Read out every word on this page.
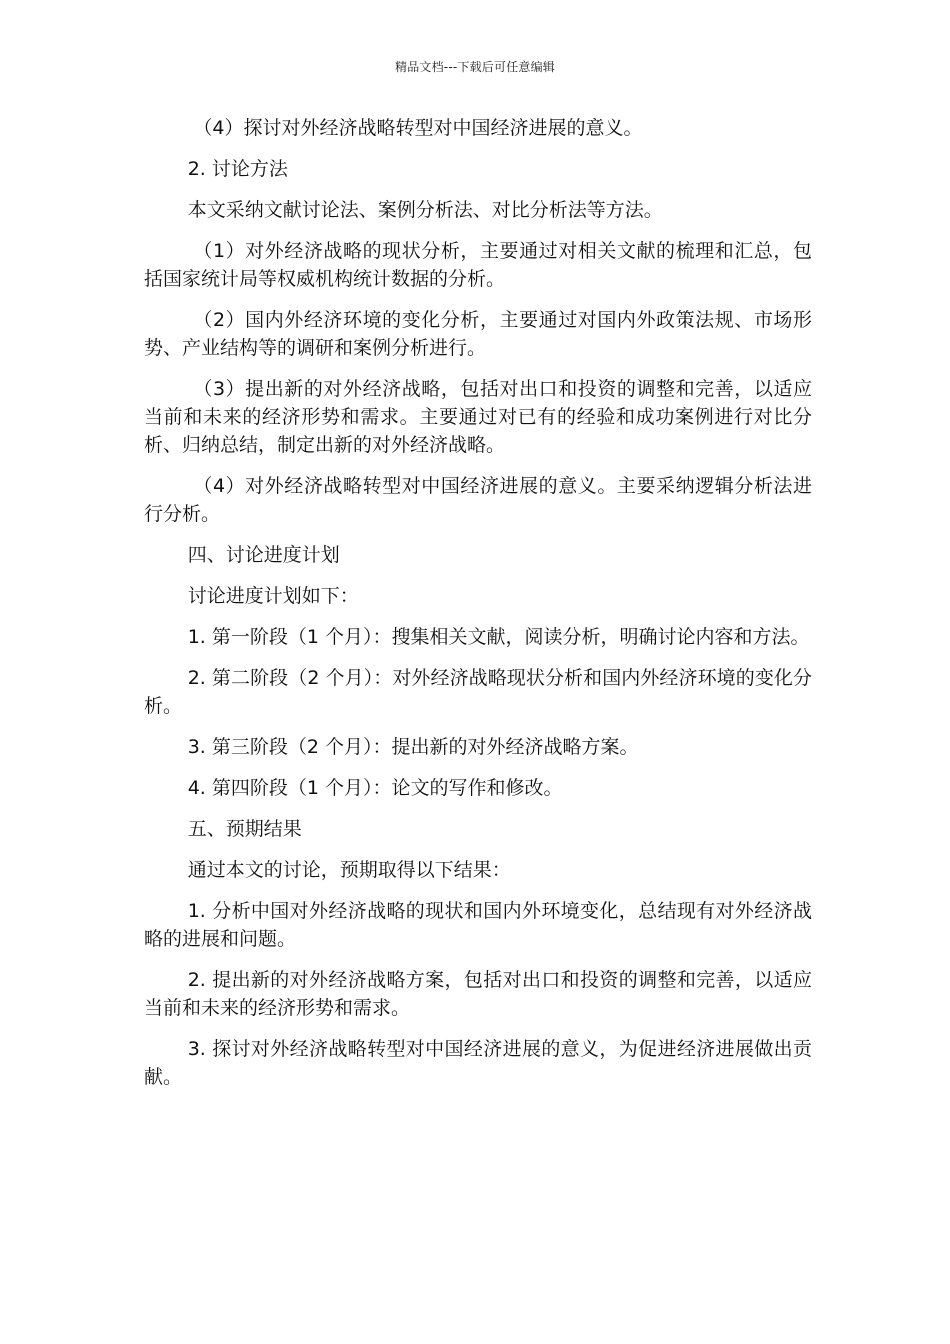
精品文档---下载后可任意编辑

（4）探讨对外经济战略转型对中国经济进展的意义。

2. 讨论方法

本文采纳文献讨论法、案例分析法、对比分析法等方法。

（1）对外经济战略的现状分析，主要通过对相关文献的梳理和汇总，包括国家统计局等权威机构统计数据的分析。

（2）国内外经济环境的变化分析，主要通过对国内外政策法规、市场形势、产业结构等的调研和案例分析进行。

（3）提出新的对外经济战略，包括对出口和投资的调整和完善，以适应当前和未来的经济形势和需求。主要通过对已有的经验和成功案例进行对比分析、归纳总结，制定出新的对外经济战略。

（4）对外经济战略转型对中国经济进展的意义。主要采纳逻辑分析法进行分析。

四、讨论进度计划

讨论进度计划如下：

1. 第一阶段（1 个月）：搜集相关文献，阅读分析，明确讨论内容和方法。

2. 第二阶段（2 个月）：对外经济战略现状分析和国内外经济环境的变化分析。

3. 第三阶段（2 个月）：提出新的对外经济战略方案。

4. 第四阶段（1 个月）：论文的写作和修改。

五、预期结果

通过本文的讨论，预期取得以下结果：

1. 分析中国对外经济战略的现状和国内外环境变化，总结现有对外经济战略的进展和问题。

2. 提出新的对外经济战略方案，包括对出口和投资的调整和完善，以适应当前和未来的经济形势和需求。

3. 探讨对外经济战略转型对中国经济进展的意义，为促进经济进展做出贡献。
